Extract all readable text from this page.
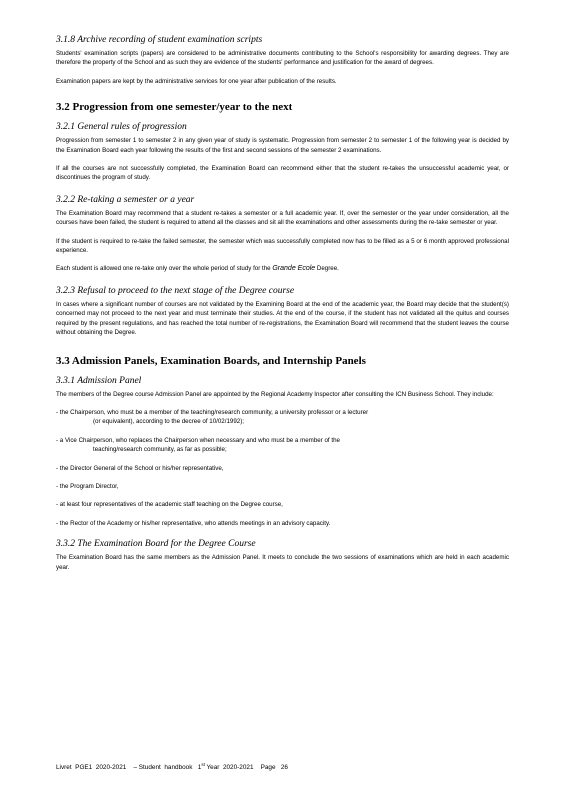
3.1.8 Archive recording of student examination scripts

Students' examination scripts (papers) are considered to be administrative documents contributing to the School's responsibility for awarding degrees. They are therefore the property of the School and as such they are evidence of the students' performance and justification for the award of degrees.

Examination papers are kept by the administrative services for one year after publication of the results.

3.2 Progression from one semester/year to the next
3.2.1 General rules of progression

Progression from semester 1 to semester 2 in any given year of study is systematic. Progression from semester 2 to semester 1 of the following year is decided by the Examination Board each year following the results of the first and second sessions of the semester 2 examinations.

If all the courses are not successfully completed, the Examination Board can recommend either that the student re-takes the unsuccessful academic year, or discontinues the program of study.

3.2.2 Re-taking a semester or a year

The Examination Board may recommend that a student re-takes a semester or a full academic year. If, over the semester or the year under consideration, all the courses have been failed, the student is required to attend all the classes and sit all the examinations and other assessments during the re-take semester or year.

If the student is required to re-take the failed semester, the semester which was successfully completed now has to be filled as a 5 or 6 month approved professional experience.

Each student is allowed one re-take only over the whole period of study for the Grande Ecole Degree.

3.2.3 Refusal to proceed to the next stage of the Degree course

In cases where a significant number of courses are not validated by the Examining Board at the end of the academic year, the Board may decide that the student(s) concerned may not proceed to the next year and must terminate their studies. At the end of the course, if the student has not validated all the quitus and courses required by the present regulations, and has reached the total number of re-registrations, the Examination Board will recommend that the student leaves the course without obtaining the Degree.

3.3 Admission Panels, Examination Boards, and Internship Panels
3.3.1 Admission Panel

The members of the Degree course Admission Panel are appointed by the Regional Academy Inspector after consulting the ICN Business School. They include:

- the Chairperson, who must be a member of the teaching/research community, a university professor or a lecturer

(or equivalent), according to the decree of 10/02/1992);

- a Vice Chairperson, who replaces the Chairperson when necessary and who must be a member of the

teaching/research community, as far as possible;

- the Director General of the School or his/her representative,

- the Program Director,

- at least four representatives of the academic staff teaching on the Degree course,

- the Rector of the Academy or his/her representative, who attends meetings in an advisory capacity.

3.3.2 The Examination Board for the Degree Course

The Examination Board has the same members as the Admission Panel. It meets to conclude the two sessions of examinations which are held in each academic year.

Livret  PGE1  2020-2021    – Student  handbook   1st Year  2020-2021    Page   26
